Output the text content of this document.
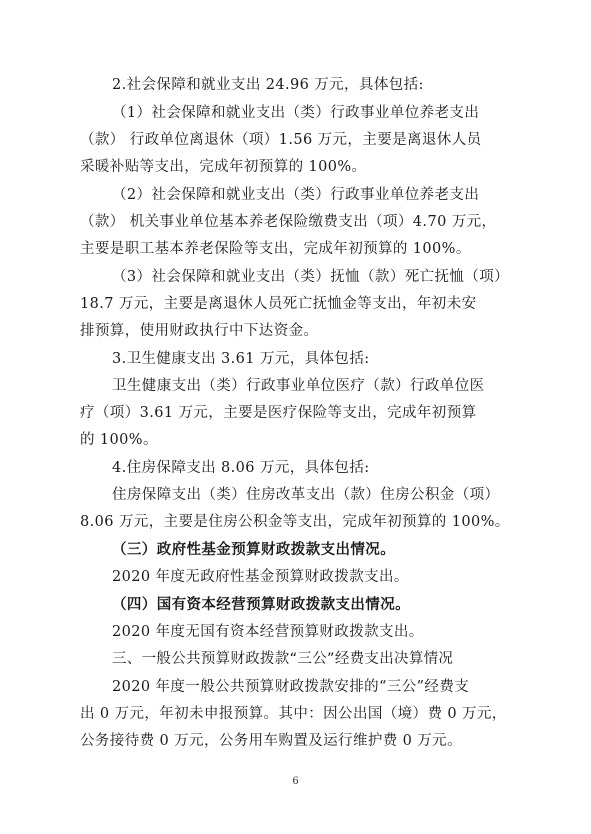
2.社会保障和就业支出 24.96 万元，具体包括:
（1）社会保障和就业支出（类）行政事业单位养老支出
（款） 行政单位离退休（项）1.56 万元，主要是离退休人员
采暖补贴等支出，完成年初预算的 100%。
（2）社会保障和就业支出（类）行政事业单位养老支出
（款） 机关事业单位基本养老保险缴费支出（项）4.70 万元，
主要是职工基本养老保险等支出，完成年初预算的 100%。
（3）社会保障和就业支出（类）抚恤（款）死亡抚恤（项）
18.7 万元，主要是离退休人员死亡抚恤金等支出，年初未安
排预算，使用财政执行中下达资金。
3.卫生健康支出 3.61 万元，具体包括:
卫生健康支出（类）行政事业单位医疗（款）行政单位医
疗（项）3.61 万元，主要是医疗保险等支出，完成年初预算
的 100%。
4.住房保障支出 8.06 万元，具体包括:
住房保障支出（类）住房改革支出（款）住房公积金（项）
8.06 万元，主要是住房公积金等支出，完成年初预算的 100%。
（三）政府性基金预算财政拨款支出情况。
2020 年度无政府性基金预算财政拨款支出。
（四）国有资本经营预算财政拨款支出情况。
2020 年度无国有资本经营预算财政拨款支出。
三、一般公共预算财政拨款“三公”经费支出决算情况
2020 年度一般公共预算财政拨款安排的“三公”经费支
出 0 万元，年初未申报预算。其中：因公出国（境）费 0 万元，
公务接待费 0 万元，公务用车购置及运行维护费 0 万元。
6
